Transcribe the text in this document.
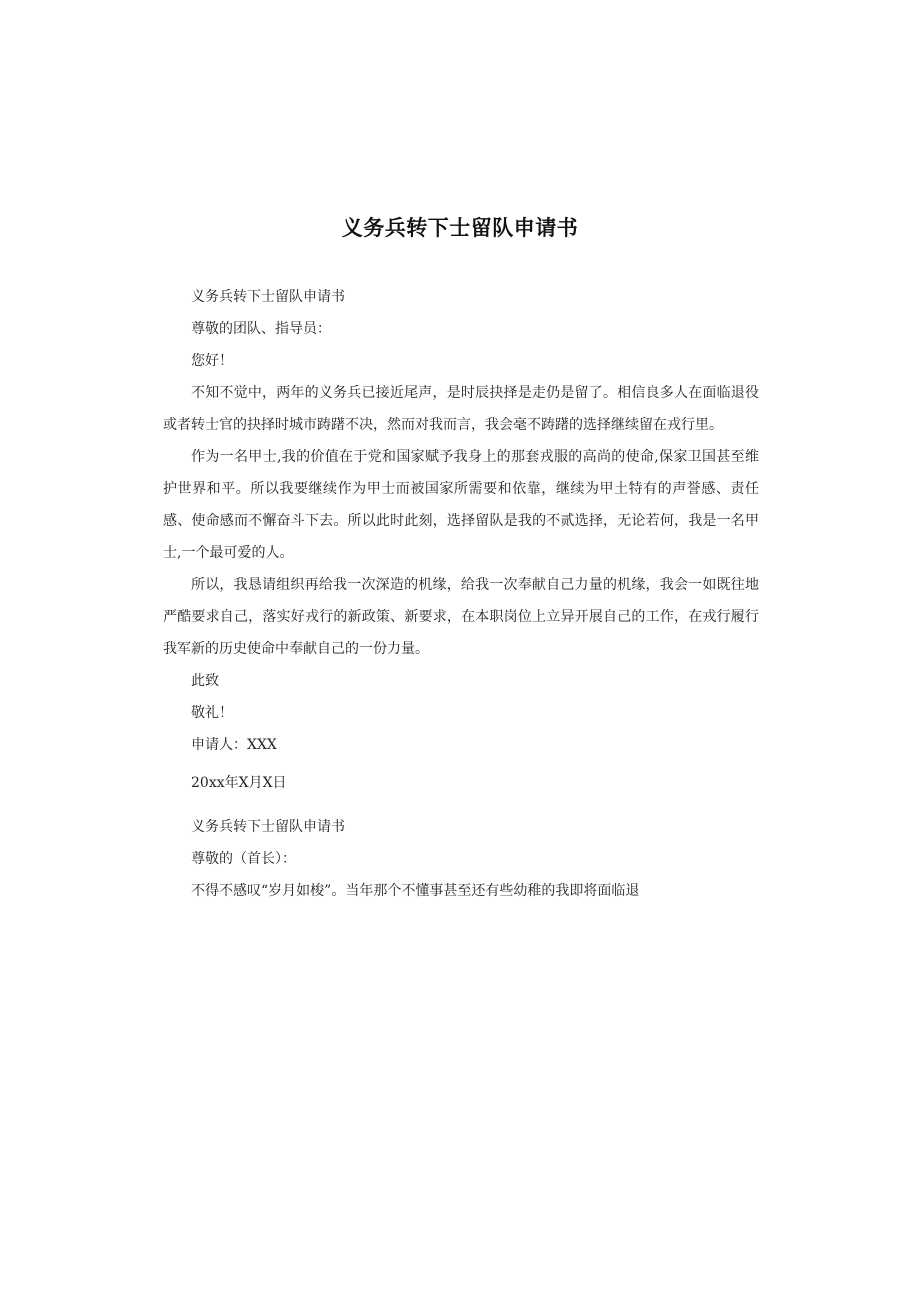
义务兵转下士留队申请书

义务兵转下士留队申请书

尊敬的团队、指导员：

您好！

不知不觉中，两年的义务兵已接近尾声，是时辰抉择是走仍是留了。相信良多人在面临退役或者转士官的抉择时城市踌躇不决，然而对我而言，我会毫不踌躇的选择继续留在戎行里。

作为一名甲士,我的价值在于党和国家赋予我身上的那套戎服的高尚的使命,保家卫国甚至维护世界和平。所以我要继续作为甲士而被国家所需要和依靠，继续为甲土特有的声誉感、责任感、使命感而不懈奋斗下去。所以此时此刻，选择留队是我的不贰选择，无论若何，我是一名甲士,一个最可爱的人。

所以，我恳请组织再给我一次深造的机缘，给我一次奉献自己力量的机缘，我会一如既往地严酷要求自己，落实好戎行的新政策、新要求，在本职岗位上立异开展自己的工作，在戎行履行我军新的历史使命中奉献自己的一份力量。

此致

敬礼！

申请人：XXX

20xx年X月X日

义务兵转下士留队申请书

尊敬的（首长）：

不得不感叹“岁月如梭”。当年那个不懂事甚至还有些幼稚的我即将面临退
